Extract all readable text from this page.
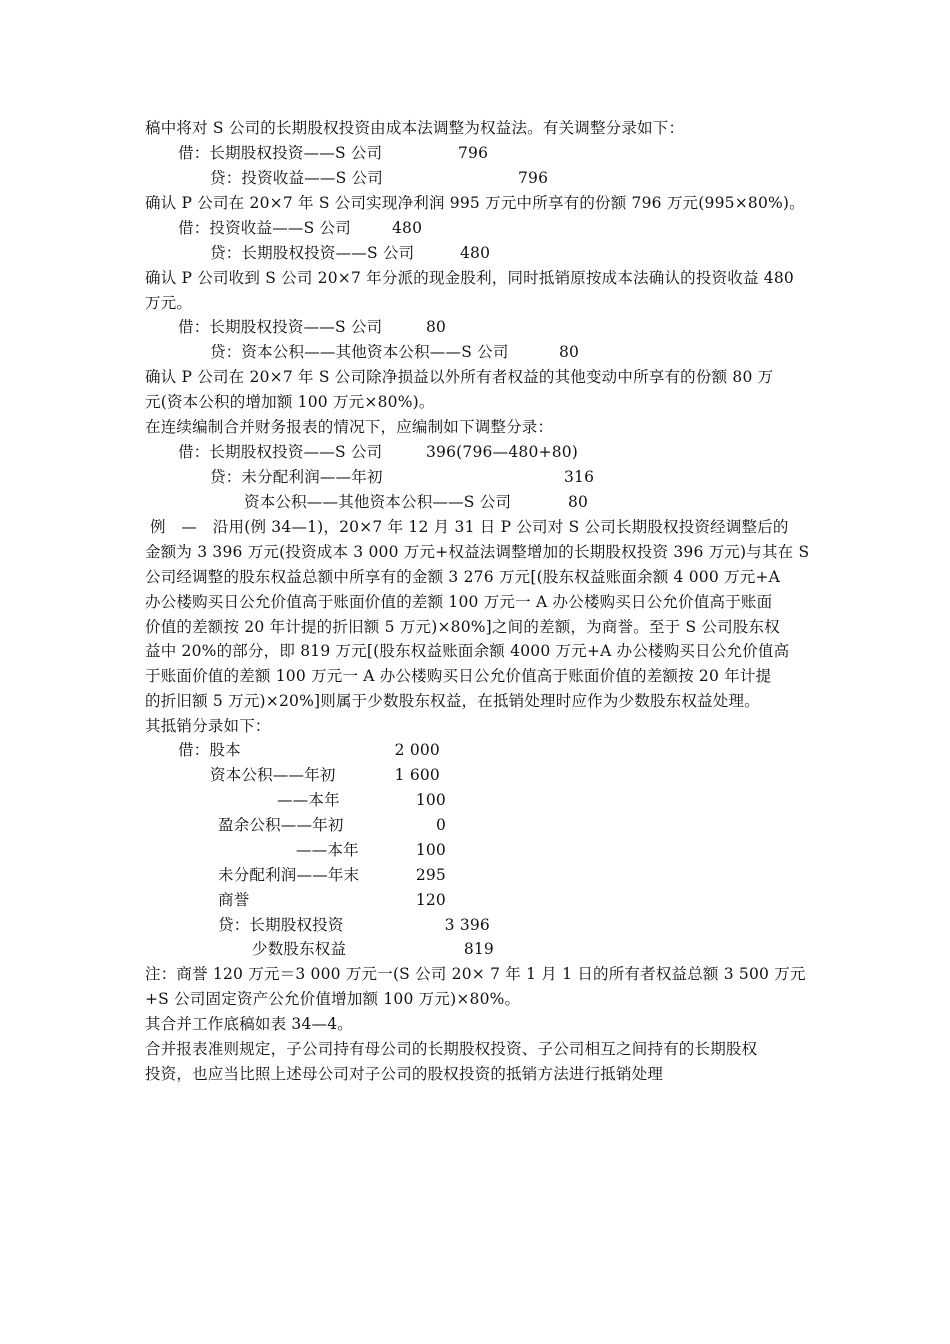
稿中将对 S 公司的长期股权投资由成本法调整为权益法。有关调整分录如下：
借：长期股权投资——S 公司	796
贷：投资收益——S 公司	796
确认 P 公司在 20×7 年 S 公司实现净利润 995 万元中所享有的份额 796 万元(995×80%)。
借：投资收益——S 公司	480
贷：长期股权投资——S 公司	480
确认 P 公司收到 S 公司 20×7 年分派的现金股利，同时抵销原按成本法确认的投资收益 480
万元。
借：长期股权投资——S 公司	80
贷：资本公积——其他资本公积——S 公司	80
确认 P 公司在 20×7 年 S 公司除净损益以外所有者权益的其他变动中所享有的份额 80 万
元(资本公积的增加额 100 万元×80%)。
在连续编制合并财务报表的情况下，应编制如下调整分录：
借：长期股权投资——S 公司	396(796—480+80)
贷：未分配利润——年初	316
资本公积——其他资本公积——S 公司	80
例　—　沿用(例 34—1)，20×7 年 12 月 31 日 P 公司对 S 公司长期股权投资经调整后的
金额为 3 396 万元(投资成本 3 000 万元+权益法调整增加的长期股权投资 396 万元)与其在 S
公司经调整的股东权益总额中所享有的金额 3 276 万元[(股东权益账面余额 4 000 万元+A
办公楼购买日公允价值高于账面价值的差额 100 万元一 A 办公楼购买日公允价值高于账面
价值的差额按 20 年计提的折旧额 5 万元)×80%]之间的差额，为商誉。至于 S 公司股东权
益中 20%的部分，即 819 万元[(股东权益账面余额 4000 万元+A 办公楼购买日公允价值高
于账面价值的差额 100 万元一 A 办公楼购买日公允价值高于账面价值的差额按 20 年计提
的折旧额 5 万元)×20%]则属于少数股东权益，在抵销处理时应作为少数股东权益处理。
其抵销分录如下：
借：股本	2 000
资本公积——年初	1 600
——本年	100
盈余公积——年初	0
——本年	100
未分配利润——年末	295
商誉	120
贷：长期股权投资	3 396
少数股东权益	819
注：商誉 120 万元＝3 000 万元一(S 公司 20× 7 年 1 月 1 日的所有者权益总额 3 500 万元
+S 公司固定资产公允价值增加额 100 万元)×80%。
其合并工作底稿如表 34—4。
合并报表准则规定，子公司持有母公司的长期股权投资、子公司相互之间持有的长期股权
投资，也应当比照上述母公司对子公司的股权投资的抵销方法进行抵销处理
